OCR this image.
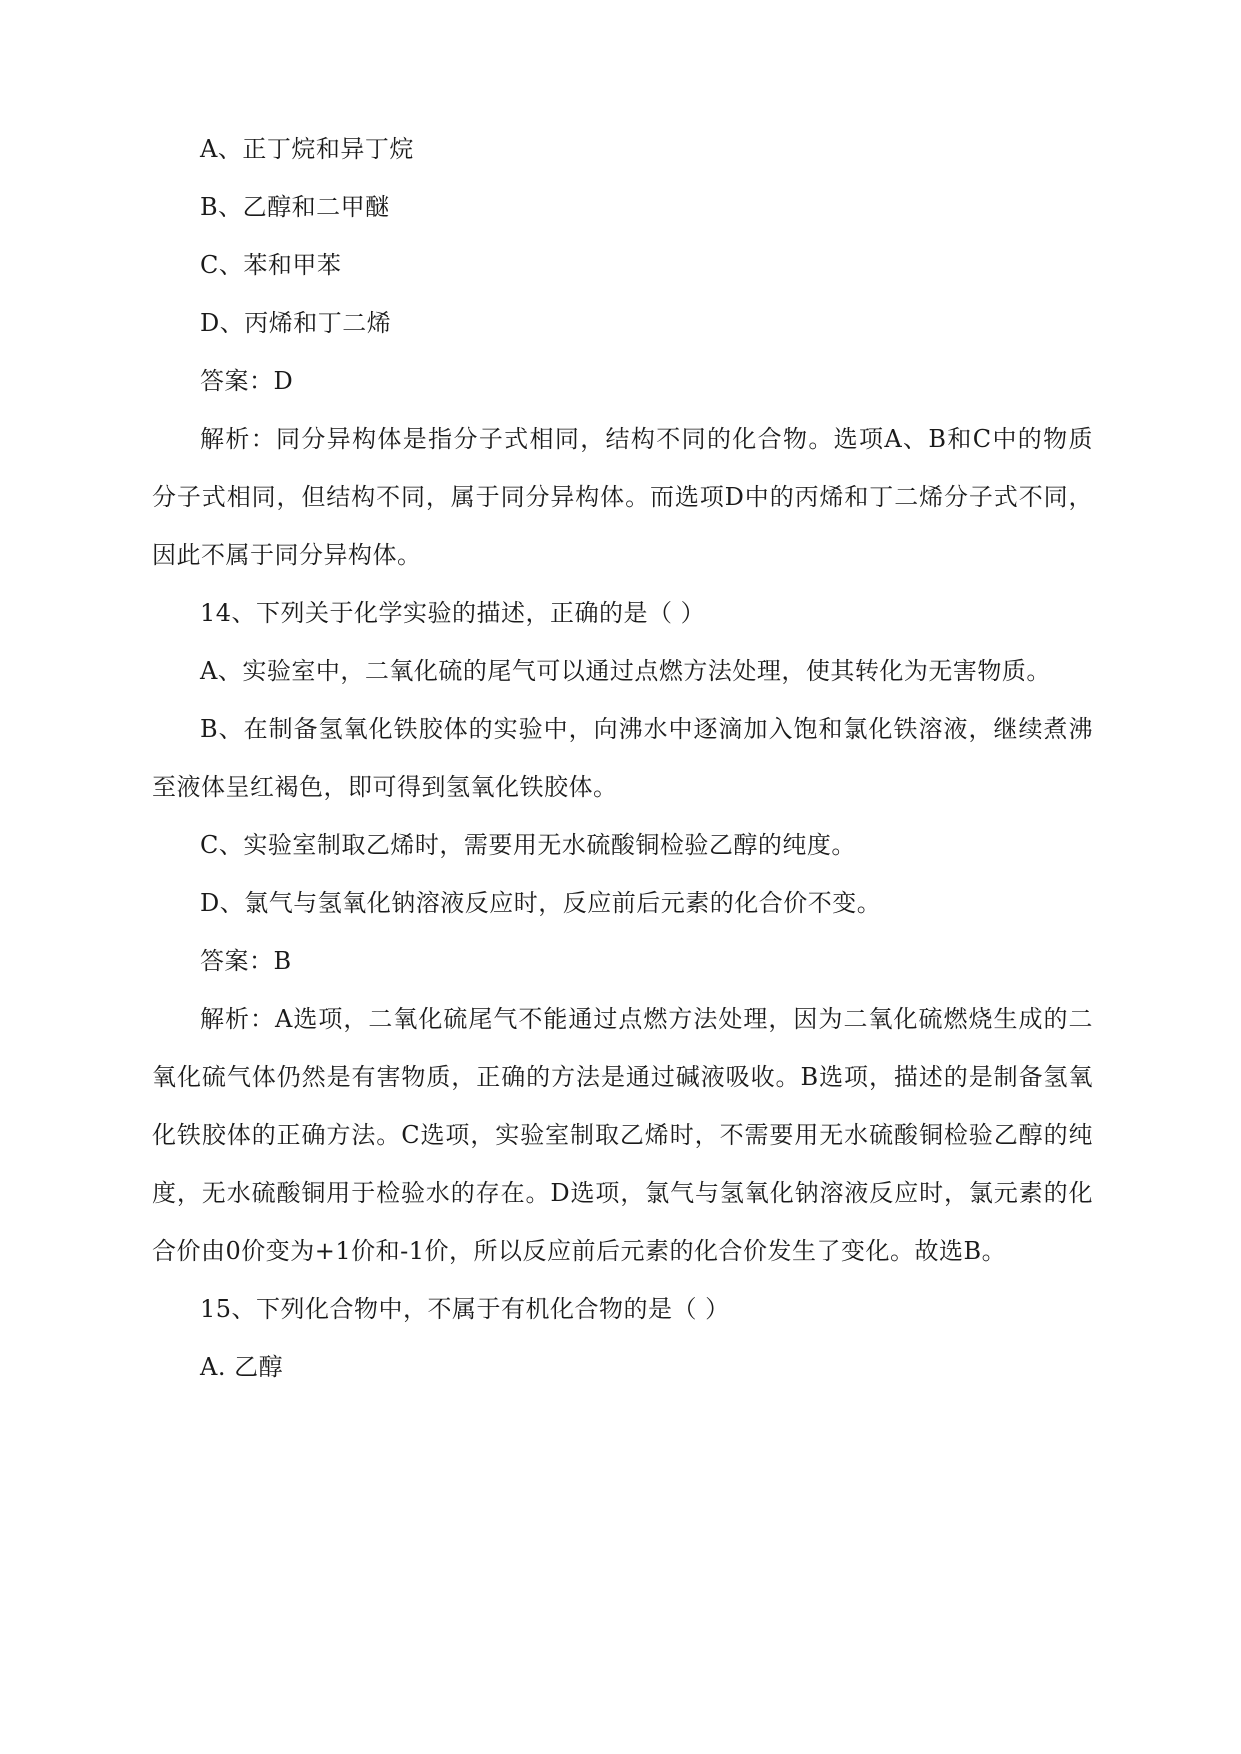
A、正丁烷和异丁烷
B、乙醇和二甲醚
C、苯和甲苯
D、丙烯和丁二烯
答案：D
解析：同分异构体是指分子式相同，结构不同的化合物。选项A、B和C中的物质
分子式相同，但结构不同，属于同分异构体。而选项D中的丙烯和丁二烯分子式不同，
因此不属于同分异构体。
14、下列关于化学实验的描述，正确的是（ ）
A、实验室中，二氧化硫的尾气可以通过点燃方法处理，使其转化为无害物质。
B、在制备氢氧化铁胶体的实验中，向沸水中逐滴加入饱和氯化铁溶液，继续煮沸
至液体呈红褐色，即可得到氢氧化铁胶体。
C、实验室制取乙烯时，需要用无水硫酸铜检验乙醇的纯度。
D、氯气与氢氧化钠溶液反应时，反应前后元素的化合价不变。
答案：B
解析：A选项，二氧化硫尾气不能通过点燃方法处理，因为二氧化硫燃烧生成的二
氧化硫气体仍然是有害物质，正确的方法是通过碱液吸收。B选项，描述的是制备氢氧
化铁胶体的正确方法。C选项，实验室制取乙烯时，不需要用无水硫酸铜检验乙醇的纯
度，无水硫酸铜用于检验水的存在。D选项，氯气与氢氧化钠溶液反应时，氯元素的化
合价由0价变为+1价和-1价，所以反应前后元素的化合价发生了变化。故选B。
15、下列化合物中，不属于有机化合物的是（ ）
A. 乙醇
